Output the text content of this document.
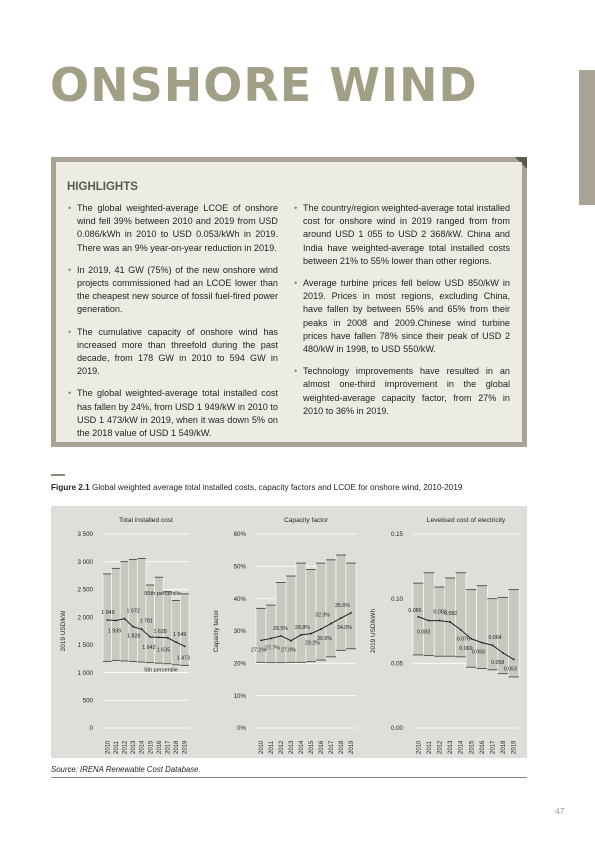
ONSHORE WIND
HIGHLIGHTS

• The global weighted-average LCOE of onshore wind fell 39% between 2010 and 2019 from USD 0.086/kWh in 2010 to USD 0.053/kWh in 2019. There was an 9% year-on-year reduction in 2019.

• In 2019, 41 GW (75%) of the new onshore wind projects commissioned had an LCOE lower than the cheapest new source of fossil fuel-fired power generation.

• The cumulative capacity of onshore wind has increased more than threefold during the past decade, from 178 GW in 2010 to 594 GW in 2019.

• The global weighted-average total installed cost has fallen by 24%, from USD 1 949/kW in 2010 to USD 1 473/kW in 2019, when it was down 5% on the 2018 value of USD 1 549/kW.

• The country/region weighted-average total installed cost for onshore wind in 2019 ranged from from around USD 1 055 to USD 2 368/kW. China and India have weighted-average total installed costs between 21% to 55% lower than other regions.

• Average turbine prices fell below USD 850/kW in 2019. Prices in most regions, excluding China, have fallen by between 55% and 65% from their peaks in 2008 and 2009.Chinese wind turbine prices have fallen 78% since their peak of USD 2 480/kW in 1998, to USD 550/kW.

• Technology improvements have resulted in an almost one-third improvement in the global weighted-average capacity factor, from 27% in 2010 to 36% in 2019.

Figure 2.1 Global weighted average total installed costs, capacity factors and LCOE for onshore wind, 2010-2019
Total installed cost
0
500
1 000
1 500
2 000
2 500
3 000
3 500
2019 USD/kW	1 949
1 939
1 972
1 828
1 781
1 642 1 635
1 628
1 549
1 473
95th percentile
5th percentile
2010 2011 2012 2013 2014 2015 2016 2017 2018 2019
Capacity factor
0%
10%
20%
30%
40%
50%
60%
Capacity factor	27.1%
27.7%
28.5%
27.0%
28.8%
29.2%
30.6%
32.3%
34.0%
35.6%
2010 2011 2012 2013 2014 2015 2016 2017 2018 2019
Levelised cost of electricity
0.00
0.05
0.10
0.15
2019 USD/kWh	0.086
0.083
0.083
0.082
0.076
0.069
0.066
0.064
0.058
0.053
2010 2011 2012 2013 2014 2015 2016 2017 2018 2019
Source: IRENA Renewable Cost Database.
47
